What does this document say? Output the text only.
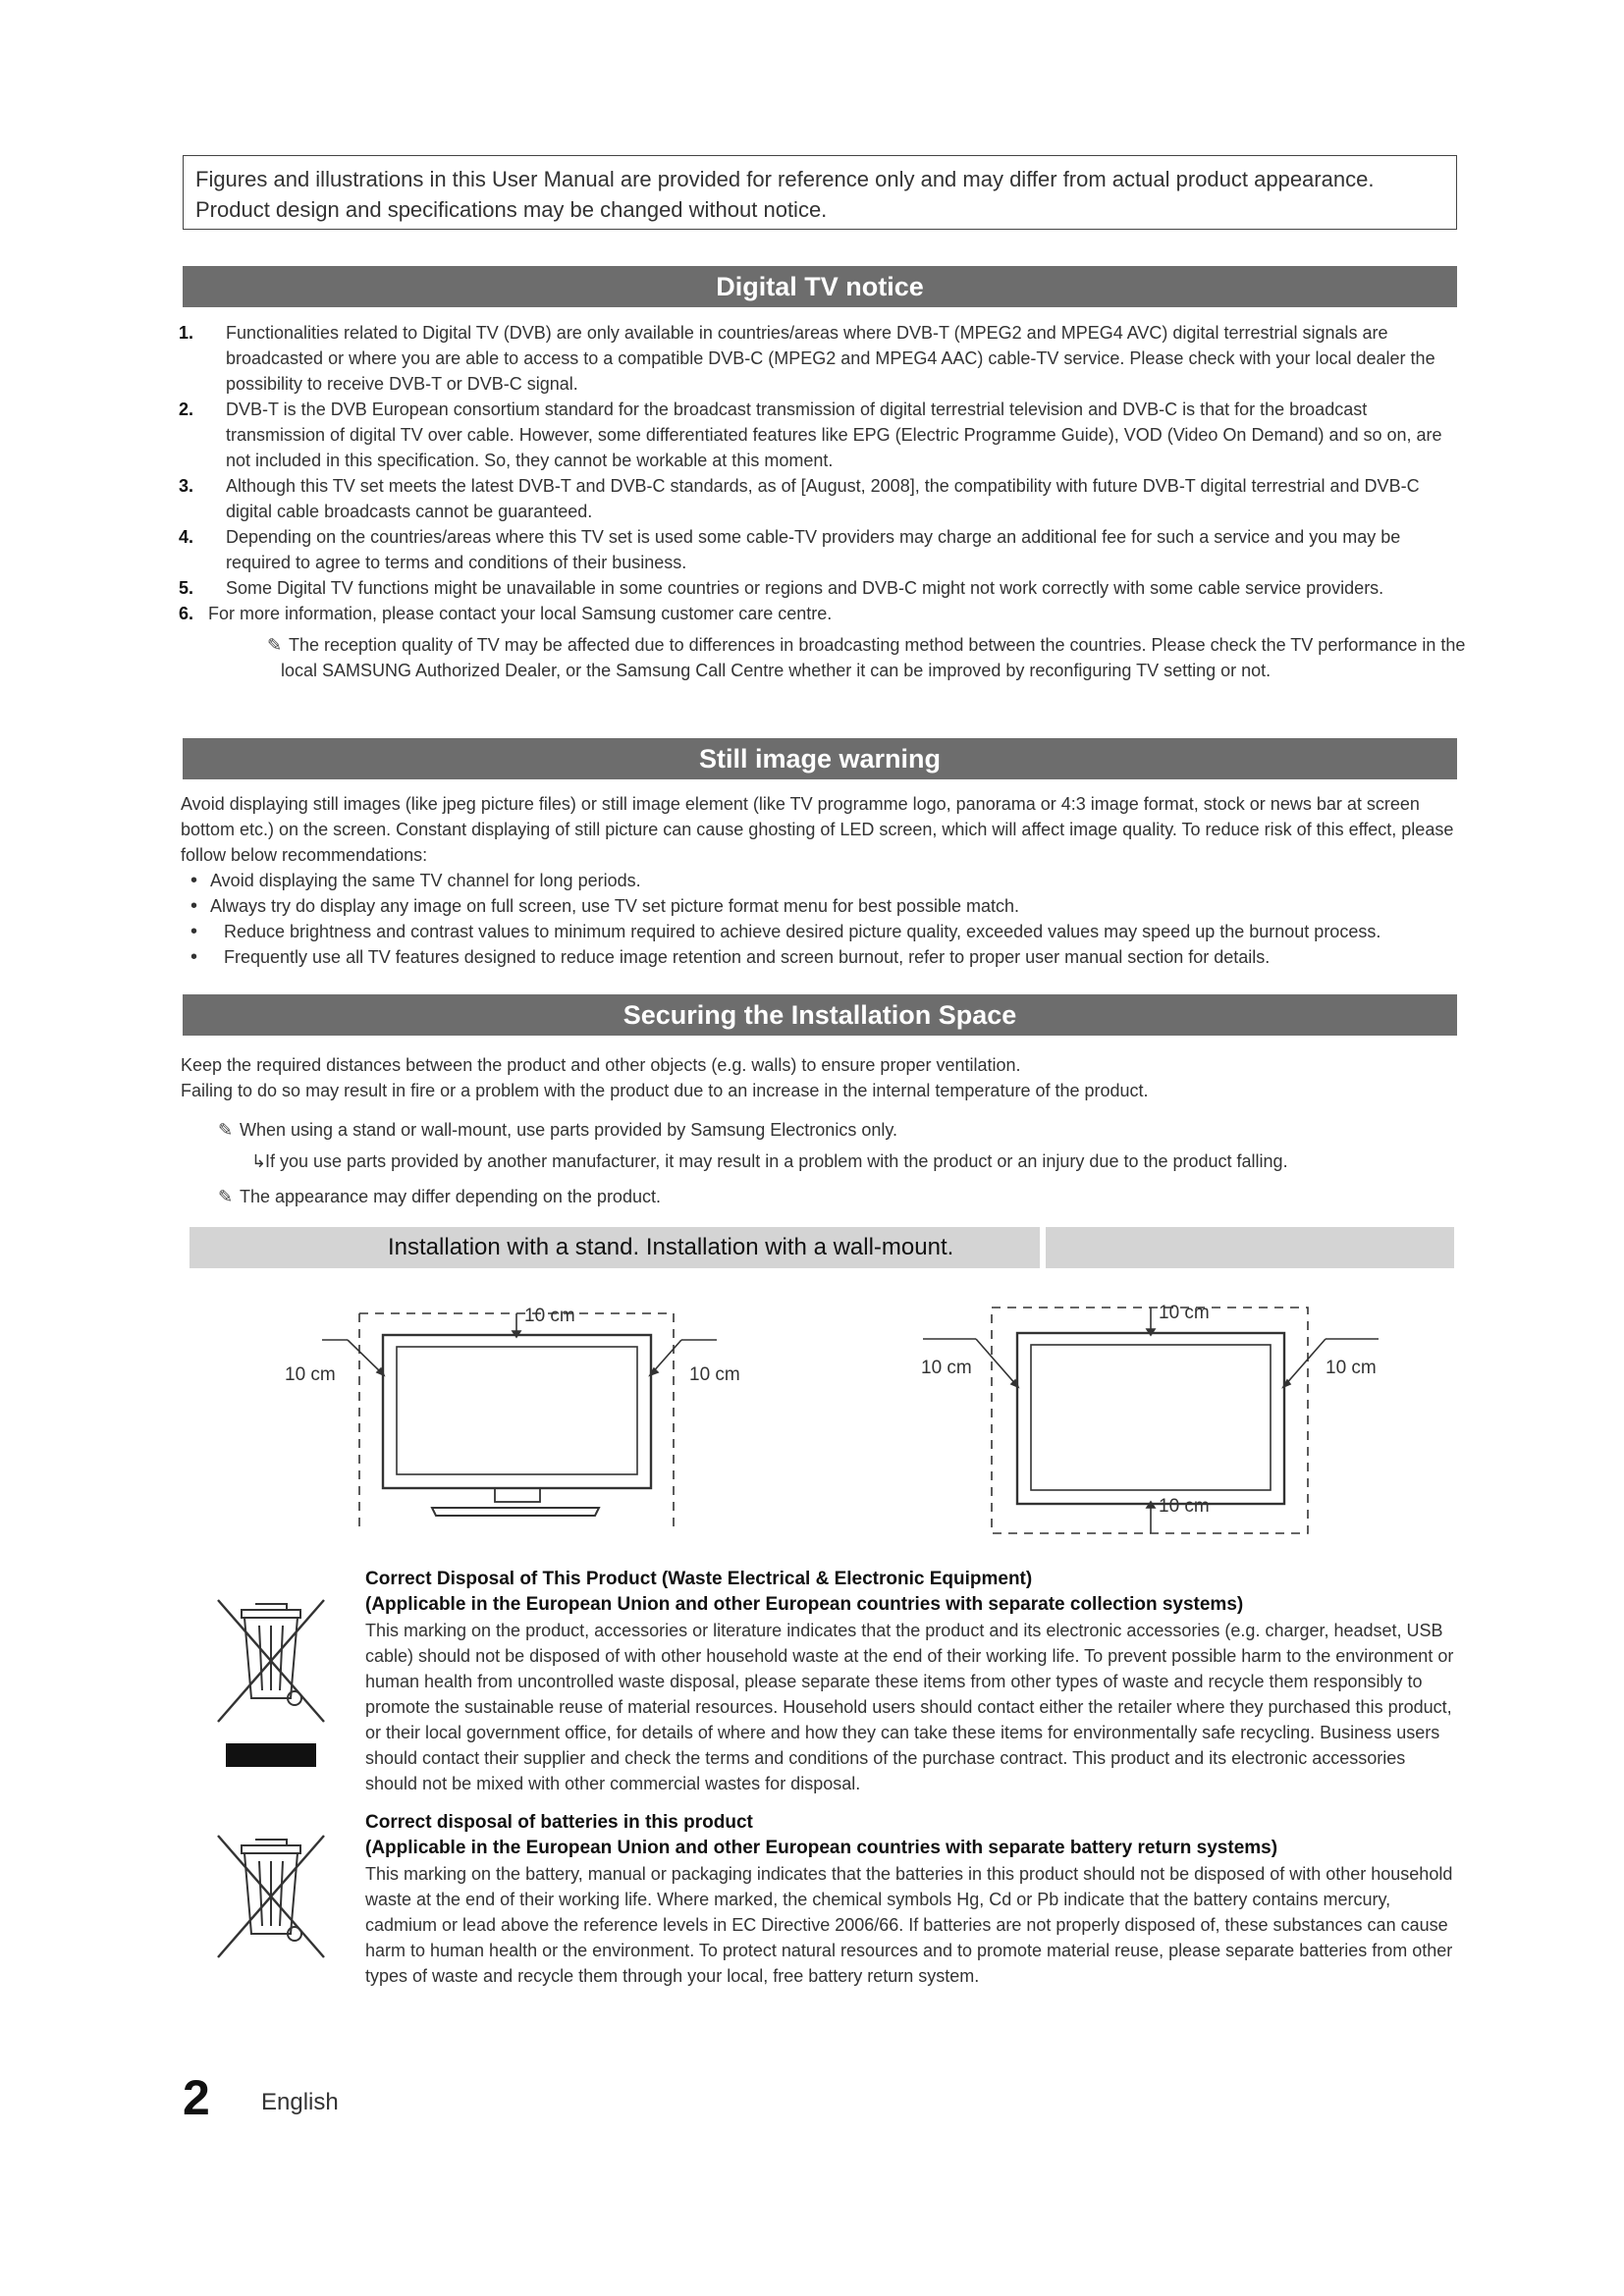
Figures and illustrations in this User Manual are provided for reference only and may differ from actual product appearance.
Product design and specifications may be changed without notice.
Digital TV notice
1. Functionalities related to Digital TV (DVB) are only available in countries/areas where DVB-T (MPEG2 and MPEG4 AVC) digital terrestrial signals are broadcasted or where you are able to access to a compatible DVB-C (MPEG2 and MPEG4 AAC) cable-TV service. Please check with your local dealer the possibility to receive DVB-T or DVB-C signal.
2. DVB-T is the DVB European consortium standard for the broadcast transmission of digital terrestrial television and DVB-C is that for the broadcast transmission of digital TV over cable. However, some differentiated features like EPG (Electric Programme Guide), VOD (Video On Demand) and so on, are not included in this specification. So, they cannot be workable at this moment.
3. Although this TV set meets the latest DVB-T and DVB-C standards, as of [August, 2008], the compatibility with future DVB-T digital terrestrial and DVB-C digital cable broadcasts cannot be guaranteed.
4. Depending on the countries/areas where this TV set is used some cable-TV providers may charge an additional fee for such a service and you may be required to agree to terms and conditions of their business.
5. Some Digital TV functions might be unavailable in some countries or regions and DVB-C might not work correctly with some cable service providers.
6. For more information, please contact your local Samsung customer care centre.
✎ The reception quality of TV may be affected due to differences in broadcasting method between the countries. Please check the TV performance in the local SAMSUNG Authorized Dealer, or the Samsung Call Centre whether it can be improved by reconfiguring TV setting or not.
Still image warning
Avoid displaying still images (like jpeg picture files) or still image element (like TV programme logo, panorama or 4:3 image format, stock or news bar at screen bottom etc.) on the screen. Constant displaying of still picture can cause ghosting of LED screen, which will affect image quality. To reduce risk of this effect, please follow below recommendations:
• Avoid displaying the same TV channel for long periods.
• Always try do display any image on full screen, use TV set picture format menu for best possible match.
• Reduce brightness and contrast values to minimum required to achieve desired picture quality, exceeded values may speed up the burnout process.
• Frequently use all TV features designed to reduce image retention and screen burnout, refer to proper user manual section for details.
Securing the Installation Space
Keep the required distances between the product and other objects (e.g. walls) to ensure proper ventilation.
Failing to do so may result in fire or a problem with the product due to an increase in the internal temperature of the product.
✎ When using a stand or wall-mount, use parts provided by Samsung Electronics only.
↳If you use parts provided by another manufacturer, it may result in a problem with the product or an injury due to the product falling.
✎ The appearance may differ depending on the product.
Installation with a stand. Installation with a wall-mount.
10 cm
10 cm	10 cm
10 cm
10 cm	10 cm
10 cm
Correct Disposal of This Product (Waste Electrical & Electronic Equipment)
(Applicable in the European Union and other European countries with separate collection systems)
This marking on the product, accessories or literature indicates that the product and its electronic accessories (e.g. charger, headset, USB cable) should not be disposed of with other household waste at the end of their working life. To prevent possible harm to the environment or human health from uncontrolled waste disposal, please separate these items from other types of waste and recycle them responsibly to promote the sustainable reuse of material resources. Household users should contact either the retailer where they purchased this product, or their local government office, for details of where and how they can take these items for environmentally safe recycling. Business users should contact their supplier and check the terms and conditions of the purchase contract. This product and its electronic accessories should not be mixed with other commercial wastes for disposal.
Correct disposal of batteries in this product
(Applicable in the European Union and other European countries with separate battery return systems)
This marking on the battery, manual or packaging indicates that the batteries in this product should not be disposed of with other household waste at the end of their working life. Where marked, the chemical symbols Hg, Cd or Pb indicate that the battery contains mercury, cadmium or lead above the reference levels in EC Directive 2006/66. If batteries are not properly disposed of, these substances can cause harm to human health or the environment. To protect natural resources and to promote material reuse, please separate batteries from other types of waste and recycle them through your local, free battery return system.
2 English
